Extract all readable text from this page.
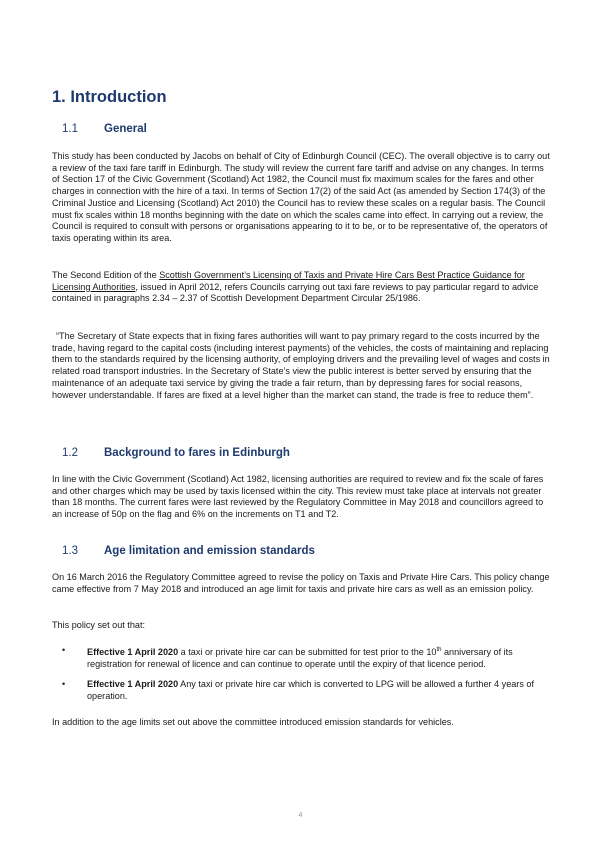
1. Introduction
1.1 General

This study has been conducted by Jacobs on behalf of City of Edinburgh Council (CEC). The overall objective is to carry out a review of the taxi fare tariff in Edinburgh. The study will review the current fare tariff and advise on any changes. In terms of Section 17 of the Civic Government (Scotland) Act 1982, the Council must fix maximum scales for the fares and other charges in connection with the hire of a taxi. In terms of Section 17(2) of the said Act (as amended by Section 174(3) of the Criminal Justice and Licensing (Scotland) Act 2010) the Council has to review these scales on a regular basis. The Council must fix scales within 18 months beginning with the date on which the scales came into effect. In carrying out a review, the Council is required to consult with persons or organisations appearing to it to be, or to be representative of, the operators of taxis operating within its area.

The Second Edition of the Scottish Government’s Licensing of Taxis and Private Hire Cars Best Practice Guidance for Licensing Authorities, issued in April 2012, refers Councils carrying out taxi fare reviews to pay particular regard to advice contained in paragraphs 2.34 – 2.37 of Scottish Development Department Circular 25/1986.

“The Secretary of State expects that in fixing fares authorities will want to pay primary regard to the costs incurred by the trade, having regard to the capital costs (including interest payments) of the vehicles, the costs of maintaining and replacing them to the standards required by the licensing authority, of employing drivers and the prevailing level of wages and costs in related road transport industries. In the Secretary of State’s view the public interest is better served by ensuring that the maintenance of an adequate taxi service by giving the trade a fair return, than by depressing fares for social reasons, however understandable. If fares are fixed at a level higher than the market can stand, the trade is free to reduce them”.

1.2 Background to fares in Edinburgh

In line with the Civic Government (Scotland) Act 1982, licensing authorities are required to review and fix the scale of fares and other charges which may be used by taxis licensed within the city. This review must take place at intervals not greater than 18 months. The current fares were last reviewed by the Regulatory Committee in May 2018 and councillors agreed to an increase of 50p on the flag and 6% on the increments on T1 and T2.

1.3 Age limitation and emission standards

On 16 March 2016 the Regulatory Committee agreed to revise the policy on Taxis and Private Hire Cars. This policy change came effective from 7 May 2018 and introduced an age limit for taxis and private hire cars as well as an emission policy.

This policy set out that:

• Effective 1 April 2020 a taxi or private hire car can be submitted for test prior to the 10th anniversary of its registration for renewal of licence and can continue to operate until the expiry of that licence period.
• Effective 1 April 2020 Any taxi or private hire car which is converted to LPG will be allowed a further 4 years of operation.

In addition to the age limits set out above the committee introduced emission standards for vehicles.

4
